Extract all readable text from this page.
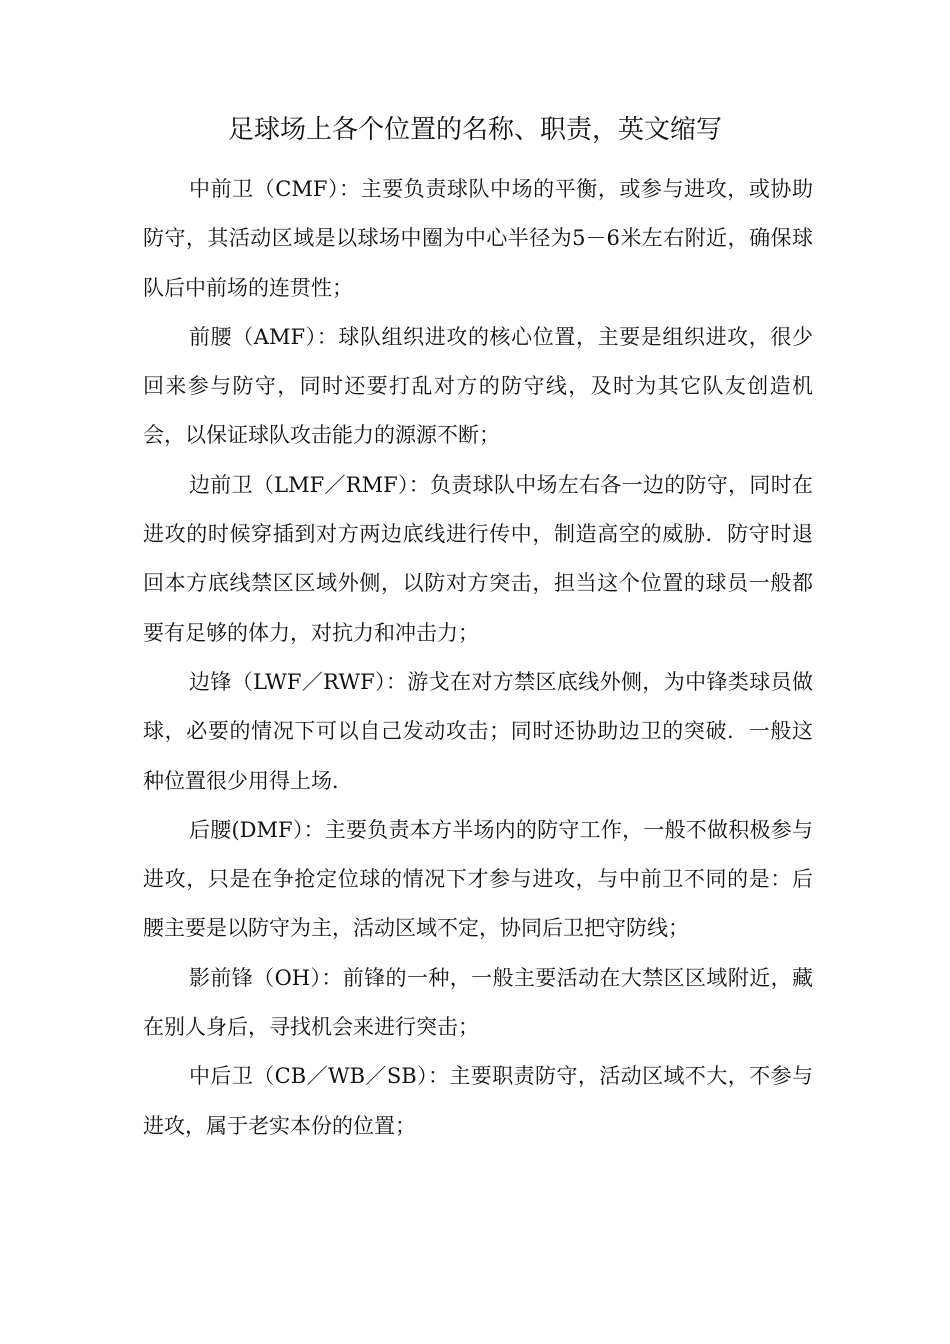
足球场上各个位置的名称、职责，英文缩写

中前卫（CMF）：主要负责球队中场的平衡，或参与进攻，或协助防守，其活动区域是以球场中圈为中心半径为5－6米左右附近，确保球队后中前场的连贯性；

前腰（AMF）：球队组织进攻的核心位置，主要是组织进攻，很少回来参与防守，同时还要打乱对方的防守线，及时为其它队友创造机会，以保证球队攻击能力的源源不断；

边前卫（LMF／RMF）：负责球队中场左右各一边的防守，同时在进攻的时候穿插到对方两边底线进行传中，制造高空的威胁．防守时退回本方底线禁区区域外侧，以防对方突击，担当这个位置的球员一般都要有足够的体力，对抗力和冲击力；

边锋（LWF／RWF）：游戈在对方禁区底线外侧，为中锋类球员做球，必要的情况下可以自己发动攻击；同时还协助边卫的突破．一般这种位置很少用得上场．

后腰(DMF）：主要负责本方半场内的防守工作，一般不做积极参与进攻，只是在争抢定位球的情况下才参与进攻，与中前卫不同的是：后腰主要是以防守为主，活动区域不定，协同后卫把守防线；

影前锋（OH）：前锋的一种，一般主要活动在大禁区区域附近，藏在别人身后，寻找机会来进行突击；

中后卫（CB／WB／SB）：主要职责防守，活动区域不大，不参与进攻，属于老实本份的位置；
